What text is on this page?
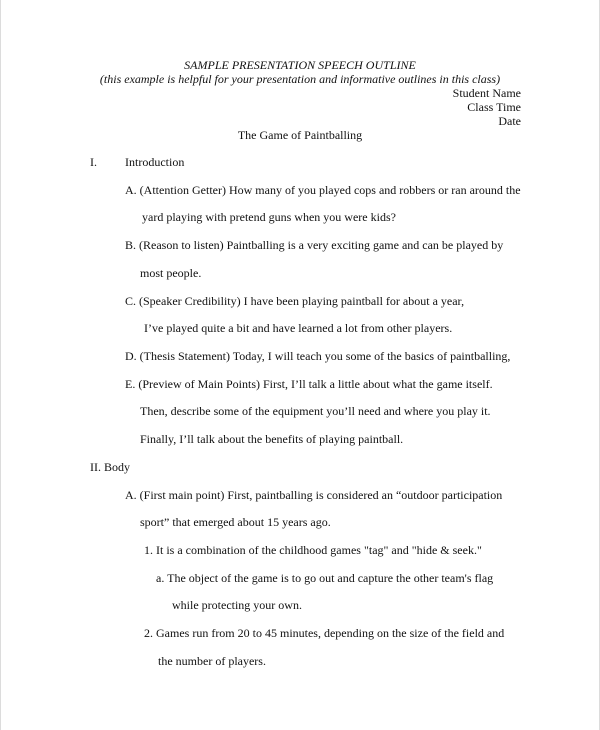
SAMPLE PRESENTATION SPEECH OUTLINE
(this example is helpful for your presentation and informative outlines in this class)
Student Name
Class Time
Date
The Game of Paintballing
I. Introduction
A. (Attention Getter) How many of you played cops and robbers or ran around the
yard playing with pretend guns when you were kids?
B. (Reason to listen) Paintballing is a very exciting game and can be played by
most people.
C. (Speaker Credibility) I have been playing paintball for about a year,
I’ve played quite a bit and have learned a lot from other players.
D. (Thesis Statement) Today, I will teach you some of the basics of paintballing,
E. (Preview of Main Points) First, I’ll talk a little about what the game itself.
Then, describe some of the equipment you’ll need and where you play it.
Finally, I’ll talk about the benefits of playing paintball.
II. Body
A. (First main point) First, paintballing is considered an “outdoor participation
sport” that emerged about 15 years ago.
1. It is a combination of the childhood games "tag" and "hide & seek."
a. The object of the game is to go out and capture the other team's flag
while protecting your own.
2. Games run from 20 to 45 minutes, depending on the size of the field and
the number of players.
